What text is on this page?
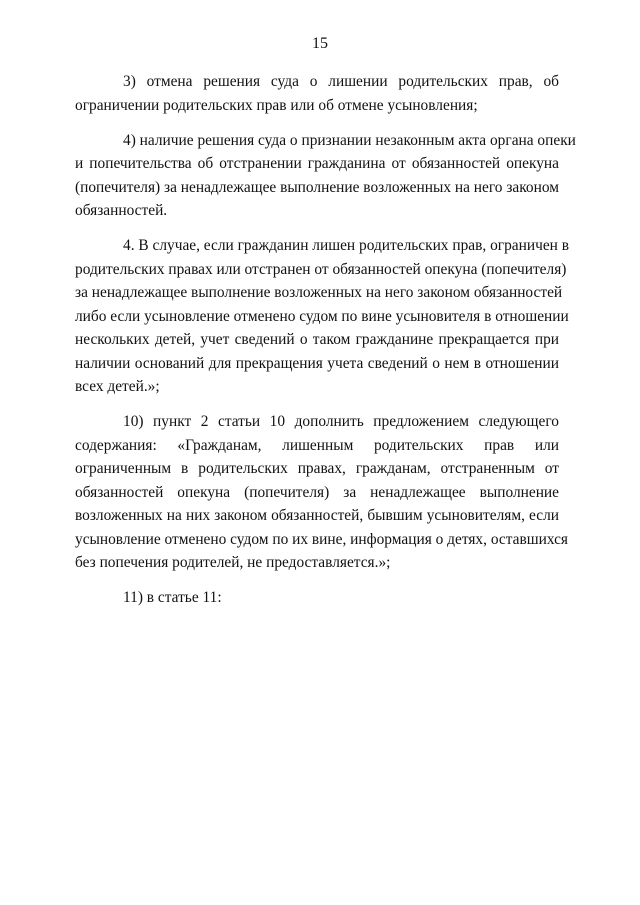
15

3) отмена решения суда о лишении родительских прав, об
ограничении родительских прав или об отмене усыновления;

4) наличие решения суда о признании незаконным акта органа опеки
и попечительства об отстранении гражданина от обязанностей опекуна
(попечителя) за ненадлежащее выполнение возложенных на него законом
обязанностей.

4. В случае, если гражданин лишен родительских прав, ограничен в
родительских правах или отстранен от обязанностей опекуна (попечителя)
за ненадлежащее выполнение возложенных на него законом обязанностей
либо если усыновление отменено судом по вине усыновителя в отношении
нескольких детей, учет сведений о таком гражданине прекращается при
наличии оснований для прекращения учета сведений о нем в отношении
всех детей.»;

10) пункт 2 статьи 10 дополнить предложением следующего
содержания: «Гражданам, лишенным родительских прав или
ограниченным в родительских правах, гражданам, отстраненным от
обязанностей опекуна (попечителя) за ненадлежащее выполнение
возложенных на них законом обязанностей, бывшим усыновителям, если
усыновление отменено судом по их вине, информация о детях, оставшихся
без попечения родителей, не предоставляется.»;

11) в статье 11:
